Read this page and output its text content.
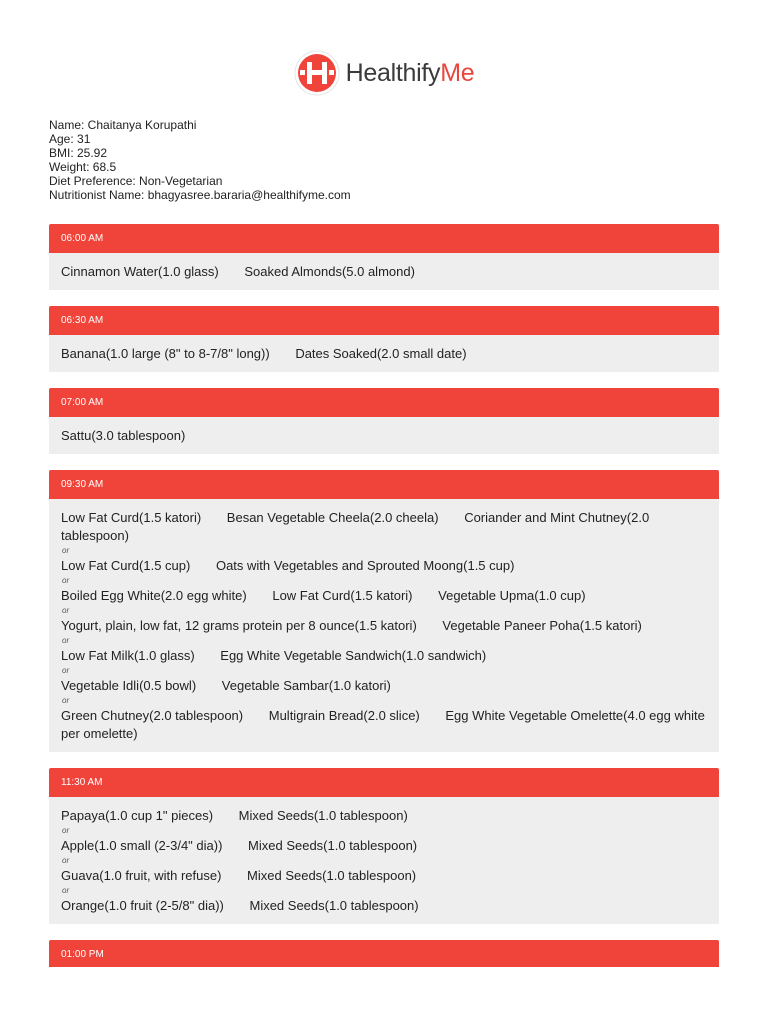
HealthifyMe
Name: Chaitanya Korupathi
Age: 31
BMI: 25.92
Weight: 68.5
Diet Preference: Non-Vegetarian
Nutritionist Name: bhagyasree.bararia@healthifyme.com
06:00 AM
Cinnamon Water(1.0 glass) Soaked Almonds(5.0 almond)
06:30 AM
Banana(1.0 large (8" to 8-7/8" long)) Dates Soaked(2.0 small date)
07:00 AM
Sattu(3.0 tablespoon)
09:30 AM
Low Fat Curd(1.5 katori) Besan Vegetable Cheela(2.0 cheela) Coriander and Mint Chutney(2.0 tablespoon)
or
Low Fat Curd(1.5 cup) Oats with Vegetables and Sprouted Moong(1.5 cup)
or
Boiled Egg White(2.0 egg white) Low Fat Curd(1.5 katori) Vegetable Upma(1.0 cup)
or
Yogurt, plain, low fat, 12 grams protein per 8 ounce(1.5 katori) Vegetable Paneer Poha(1.5 katori)
or
Low Fat Milk(1.0 glass) Egg White Vegetable Sandwich(1.0 sandwich)
or
Vegetable Idli(0.5 bowl) Vegetable Sambar(1.0 katori)
or
Green Chutney(2.0 tablespoon) Multigrain Bread(2.0 slice) Egg White Vegetable Omelette(4.0 egg white per omelette)
11:30 AM
Papaya(1.0 cup 1" pieces) Mixed Seeds(1.0 tablespoon)
or
Apple(1.0 small (2-3/4" dia)) Mixed Seeds(1.0 tablespoon)
or
Guava(1.0 fruit, with refuse) Mixed Seeds(1.0 tablespoon)
or
Orange(1.0 fruit (2-5/8" dia)) Mixed Seeds(1.0 tablespoon)
01:00 PM
